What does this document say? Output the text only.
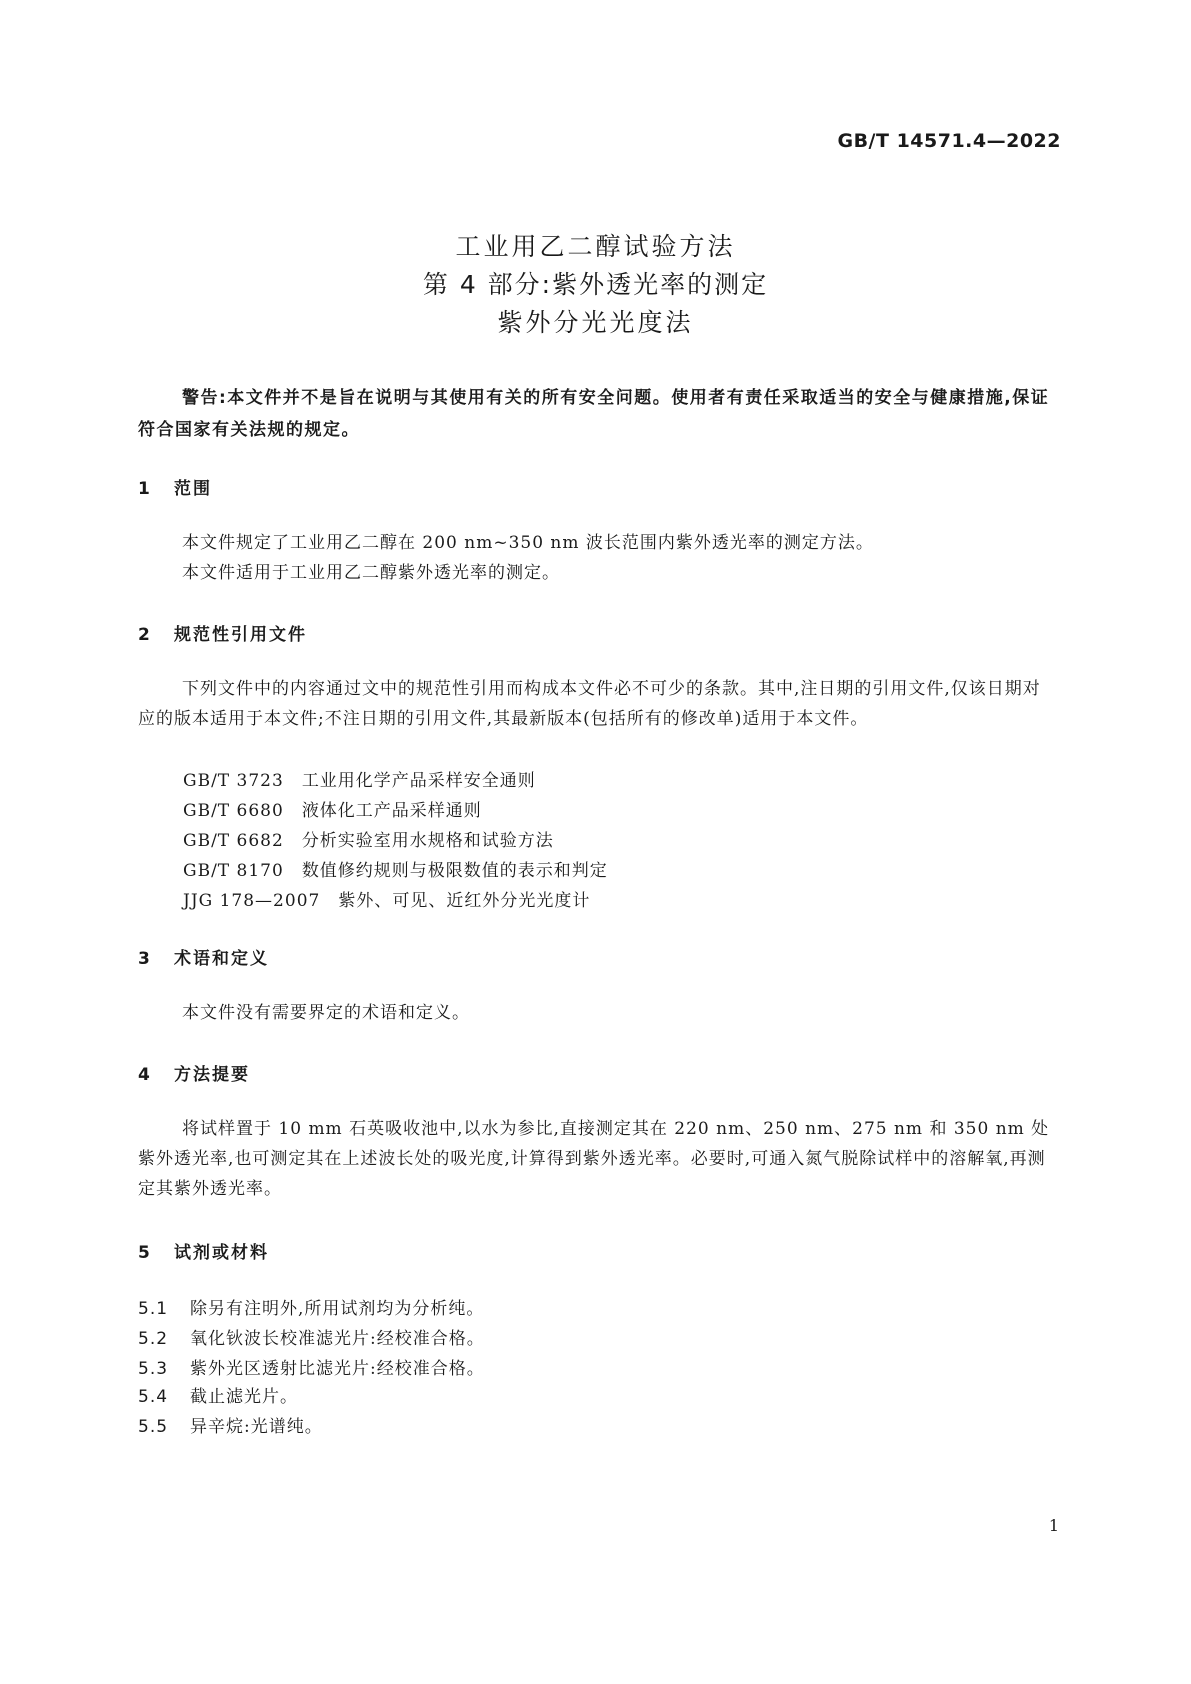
GB/T 14571.4—2022
工业用乙二醇试验方法
第 4 部分:紫外透光率的测定
紫外分光光度法
警告:本文件并不是旨在说明与其使用有关的所有安全问题。使用者有责任采取适当的安全与健康措施,保证符合国家有关法规的规定。
1 范围

本文件规定了工业用乙二醇在 200 nm~350 nm 波长范围内紫外透光率的测定方法。

本文件适用于工业用乙二醇紫外透光率的测定。

2 规范性引用文件

下列文件中的内容通过文中的规范性引用而构成本文件必不可少的条款。其中,注日期的引用文件,仅该日期对应的版本适用于本文件;不注日期的引用文件,其最新版本(包括所有的修改单)适用于本文件。

GB/T 3723 工业用化学产品采样安全通则
GB/T 6680 液体化工产品采样通则
GB/T 6682 分析实验室用水规格和试验方法
GB/T 8170 数值修约规则与极限数值的表示和判定
JJG 178—2007 紫外、可见、近红外分光光度计
3 术语和定义

本文件没有需要界定的术语和定义。

4 方法提要

将试样置于 10 mm 石英吸收池中,以水为参比,直接测定其在 220 nm、250 nm、275 nm 和 350 nm 处紫外透光率,也可测定其在上述波长处的吸光度,计算得到紫外透光率。必要时,可通入氮气脱除试样中的溶解氧,再测定其紫外透光率。

5 试剂或材料
5.1 除另有注明外,所用试剂均为分析纯。
5.2 氧化钬波长校准滤光片:经校准合格。
5.3 紫外光区透射比滤光片:经校准合格。
5.4 截止滤光片。
5.5 异辛烷:光谱纯。
1
